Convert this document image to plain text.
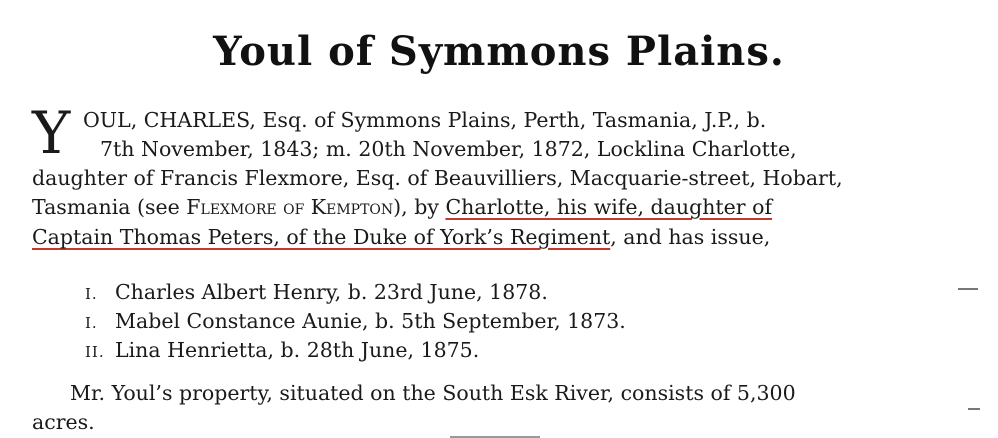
Youl of Symmons Plains.
Y OUL, CHARLES, Esq. of Symmons Plains, Perth, Tasmania, J.P., b.
7th November, 1843; m. 20th November, 1872, Locklina Charlotte,
daughter of Francis Flexmore, Esq. of Beauvilliers, Macquarie-street, Hobart,
Tasmania (see Flexmore of Kempton), by Charlotte, his wife, daughter of
Captain Thomas Peters, of the Duke of York’s Regiment, and has issue,
I. Charles Albert Henry, b. 23rd June, 1878.
I. Mabel Constance Aunie, b. 5th September, 1873.
II. Lina Henrietta, b. 28th June, 1875.
Mr. Youl’s property, situated on the South Esk River, consists of 5,300
acres.
